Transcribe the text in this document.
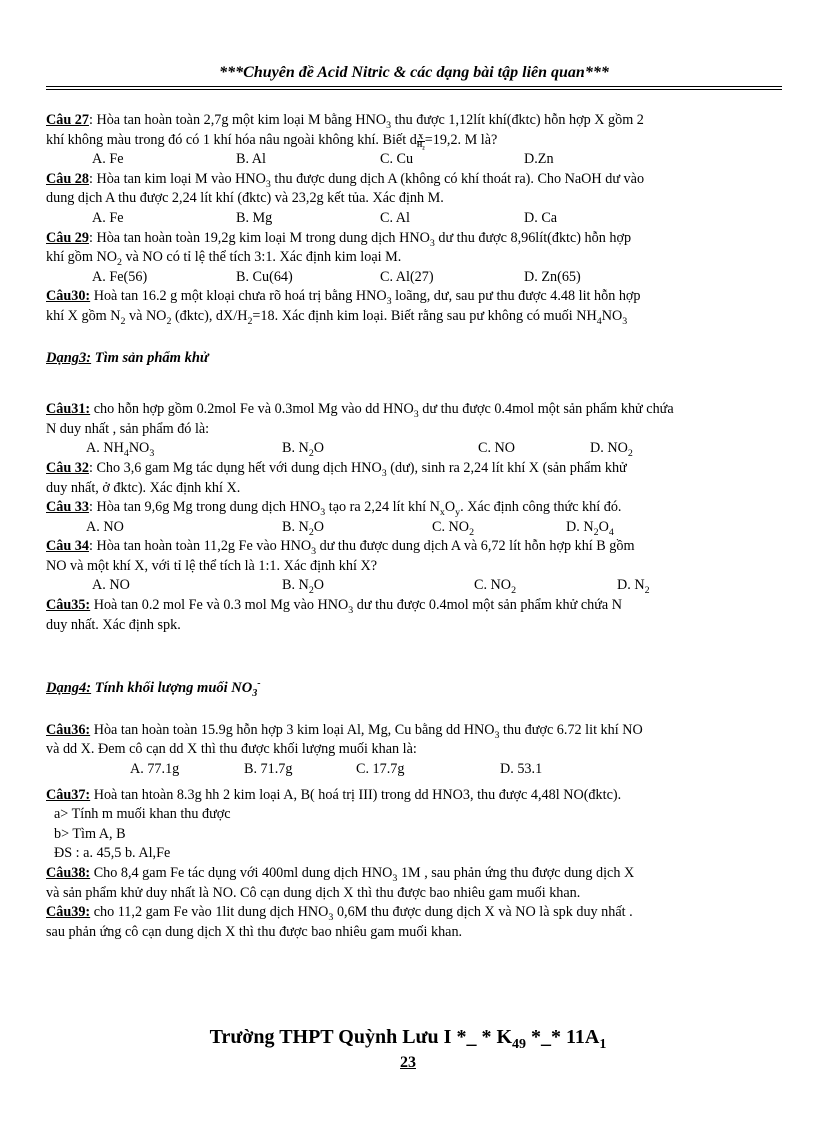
***Chuyên đề Acid Nitric & các dạng bài tập liên quan***

Câu 27: Hòa tan hoàn toàn 2,7g một kim loại M bằng $HNO_3$ thu được 1,12lít khí(đktc) hỗn hợp X gồm 2

khí không màu trong đó có 1 khí hóa nâu ngoài không khí. Biết d $\frac{X}{H_2}=19,2$. M là?

A. Fe	B. Al	C. Cu	D.Zn

Câu 28: Hòa tan kim loại M vào $HNO_3$ thu được dung dịch A (không có khí thoát ra). Cho NaOH dư vào

dung dịch A thu được 2,24 lít khí (đktc) và 23,2g kết tủa. Xác định M.

A. Fe	B. Mg	C. Al	D. Ca

Câu 29: Hòa tan hoàn toàn 19,2g kim loại M trong dung dịch $HNO_3$ dư thu được 8,96lít(đktc) hỗn hợp

khí gồm $NO_2$ và NO có tỉ lệ thể tích 3:1. Xác định kim loại M.

A. Fe(56)	B. Cu(64)	C. Al(27)	D. Zn(65)

Câu30: Hoà tan 16.2 g một kloại chưa rõ hoá trị bằng $HNO_3$ loãng, dư, sau pư thu được 4.48 lit hỗn hợp

khí X gồm $N_2$ và $NO_2$ (đktc), $dX/H_2=18$. Xác định kim loại. Biết rằng sau pư không có muối $NH_4NO_3$

Dạng3: Tìm sản phẩm khử

Câu31: cho hỗn hợp gồm 0.2mol Fe và 0.3mol Mg vào dd $HNO_3$ dư thu được 0.4mol một sản phẩm khử chứa

N duy nhất , sản phẩm đó là:

A. $NH_4NO_3$	B. $N_2O$	C. NO	D. $NO_2$

Câu 32: Cho 3,6 gam Mg tác dụng hết với dung dịch $HNO_3$ (dư), sinh ra 2,24 lít khí X (sản phẩm khử

duy nhất, ở đktc). Xác định khí X.

Câu 33: Hòa tan 9,6g Mg trong dung dịch $HNO_3$ tạo ra 2,24 lít khí $N_xO_y$. Xác định công thức khí đó.

A. NO	B. $N_2O$	C. $NO_2$	D. $N_2O_4$

Câu 34: Hòa tan hoàn toàn 11,2g Fe vào $HNO_3$ dư thu được dung dịch A và 6,72 lít hỗn hợp khí B gồm

NO và một khí X, với tỉ lệ thể tích là 1:1. Xác định khí X?

A. NO	B. $N_2O$	C. $NO_2$	D. $N_2$

Câu35: Hoà tan 0.2 mol Fe và 0.3 mol Mg vào $HNO_3$ dư thu được 0.4mol một sản phẩm khử chứa N

duy nhất. Xác định spk.

Dạng4: Tính khối lượng muối $NO_3^-$

Câu36: Hòa tan hoàn toàn 15.9g hỗn hợp 3 kim loại Al, Mg, Cu bằng dd $HNO_3$ thu được 6.72 lit khí NO

và dd X. Đem cô cạn dd X thì thu được khối lượng muối khan là:

A. 77.1g	B. 71.7g	C. 17.7g	D. 53.1

Câu37: Hoà tan htoàn 8.3g hh 2 kim loại A, B( hoá trị III) trong dd HNO3, thu được 4,48l NO(đktc).

a> Tính m muối khan thu được

b> Tìm A, B

ĐS : a. 45,5 b. Al,Fe

Câu38: Cho 8,4 gam Fe tác dụng với 400ml dung dịch $HNO_3$ 1M , sau phản ứng thu được dung dịch X

và sản phẩm khử duy nhất là NO. Cô cạn dung dịch X thì thu được bao nhiêu gam muối khan.

Câu39: cho 11,2 gam Fe vào 1lit dung dịch $HNO_3$ 0,6M thu được dung dịch X và NO là spk duy nhất .

sau phản ứng cô cạn dung dịch X thì thu được bao nhiêu gam muối khan.

Trường THPT Quỳnh Lưu I *_ * $K_{49}$ *_* $11A_1$
23
